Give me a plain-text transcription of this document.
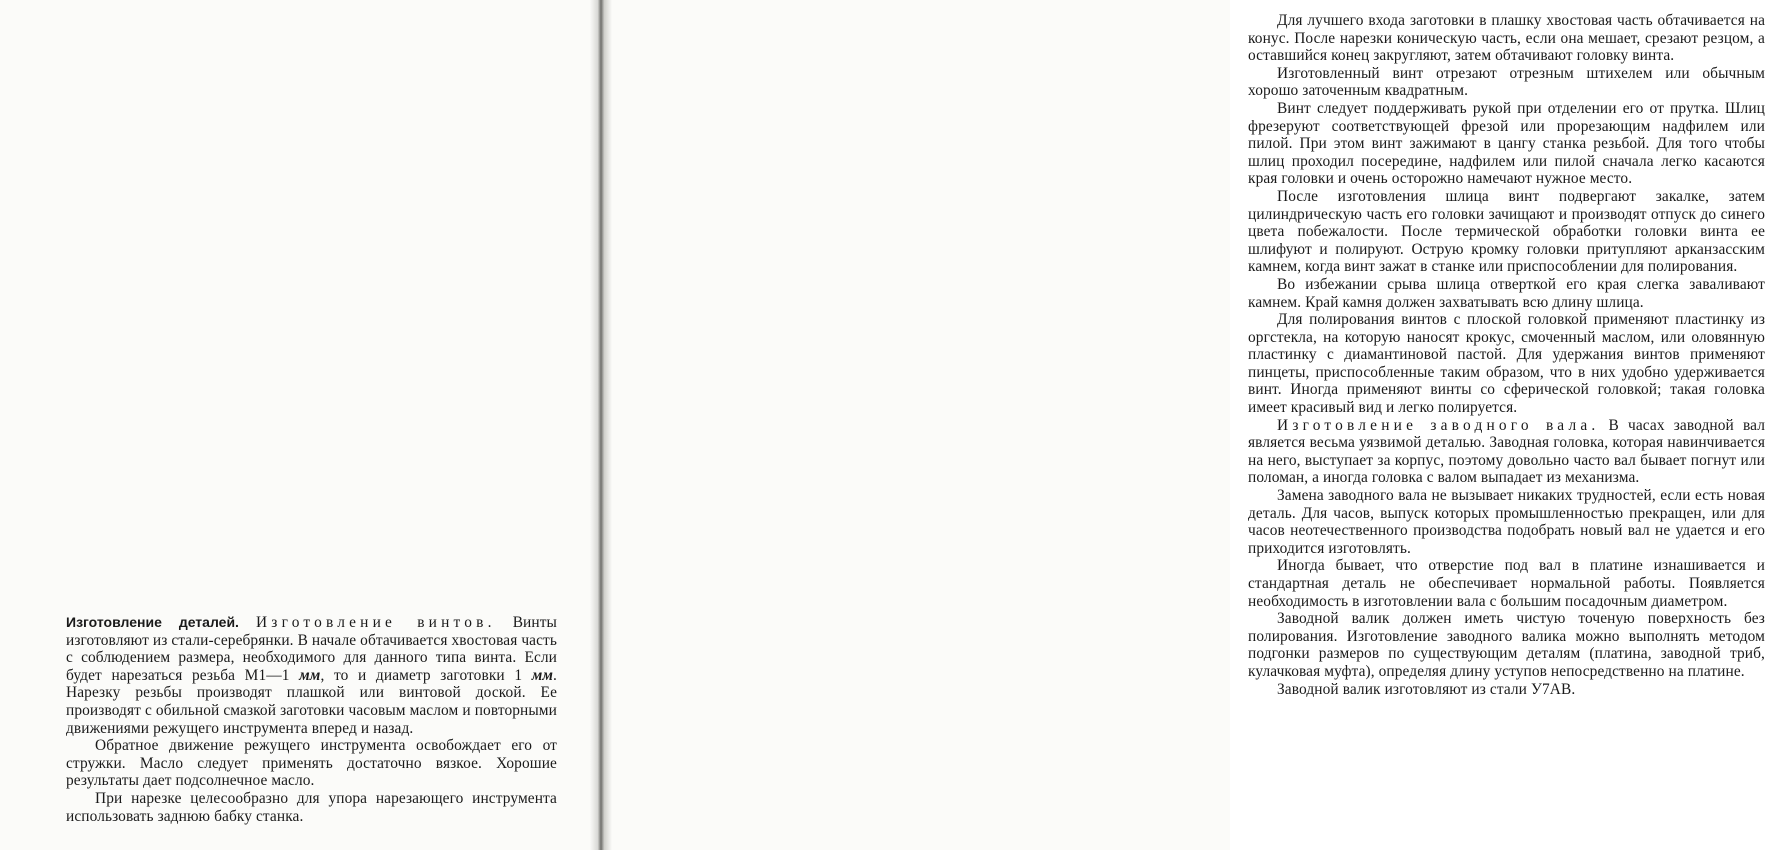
Изготовление деталей. Изготовление винтов. Винты изготовляют из стали-серебрянки. В начале обтачивается хвостовая часть с соблюдением размера, необходимого для данного типа винта. Если будет нарезаться резьба М1—1 мм, то и диаметр заготовки 1 мм. Нарезку резьбы производят плашкой или винтовой доской. Ее производят с обильной смазкой заготовки часовым маслом и повторными движениями режущего инструмента вперед и назад.

Обратное движение режущего инструмента освобождает его от стружки. Масло следует применять достаточно вязкое. Хорошие результаты дает подсолнечное масло.

При нарезке целесообразно для упора нарезающего инструмента использовать заднюю бабку станка.

Для лучшего входа заготовки в плашку хвостовая часть обтачивается на конус. После нарезки коническую часть, если она мешает, срезают резцом, а оставшийся конец закругляют, затем обтачивают головку винта.

Изготовленный винт отрезают отрезным штихелем или обычным хорошо заточенным квадратным.

Винт следует поддерживать рукой при отделении его от прутка. Шлиц фрезеруют соответствующей фрезой или прорезающим надфилем или пилой. При этом винт зажимают в цангу станка резьбой. Для того чтобы шлиц проходил посередине, надфилем или пилой сначала легко касаются края головки и очень осторожно намечают нужное место.

После изготовления шлица винт подвергают закалке, затем цилиндрическую часть его головки зачищают и производят отпуск до синего цвета побежалости. После термической обработки головки винта ее шлифуют и полируют. Острую кромку головки притупляют арканзасским камнем, когда винт зажат в станке или приспособлении для полирования.

Во избежании срыва шлица отверткой его края слегка заваливают камнем. Край камня должен захватывать всю длину шлица.

Для полирования винтов с плоской головкой применяют пластинку из оргстекла, на которую наносят крокус, смоченный маслом, или оловянную пластинку с диамантиновой пастой. Для удержания винтов применяют пинцеты, приспособленные таким образом, что в них удобно удерживается винт. Иногда применяют винты со сферической головкой; такая головка имеет красивый вид и легко полируется.

Изготовление заводного вала. В часах заводной вал является весьма уязвимой деталью. Заводная головка, которая навинчивается на него, выступает за корпус, поэтому довольно часто вал бывает погнут или поломан, а иногда головка с валом выпадает из механизма.

Замена заводного вала не вызывает никаких трудностей, если есть новая деталь. Для часов, выпуск которых промышленностью прекращен, или для часов неотечественного производства подобрать новый вал не удается и его приходится изготовлять.

Иногда бывает, что отверстие под вал в платине изнашивается и стандартная деталь не обеспечивает нормальной работы. Появляется необходимость в изготовлении вала с большим посадочным диаметром.

Заводной валик должен иметь чистую точеную поверхность без полирования. Изготовление заводного валика можно выполнять методом подгонки размеров по существующим деталям (платина, заводной триб, кулачковая муфта), определяя длину уступов непосредственно на платине.

Заводной валик изготовляют из стали У7АВ.
